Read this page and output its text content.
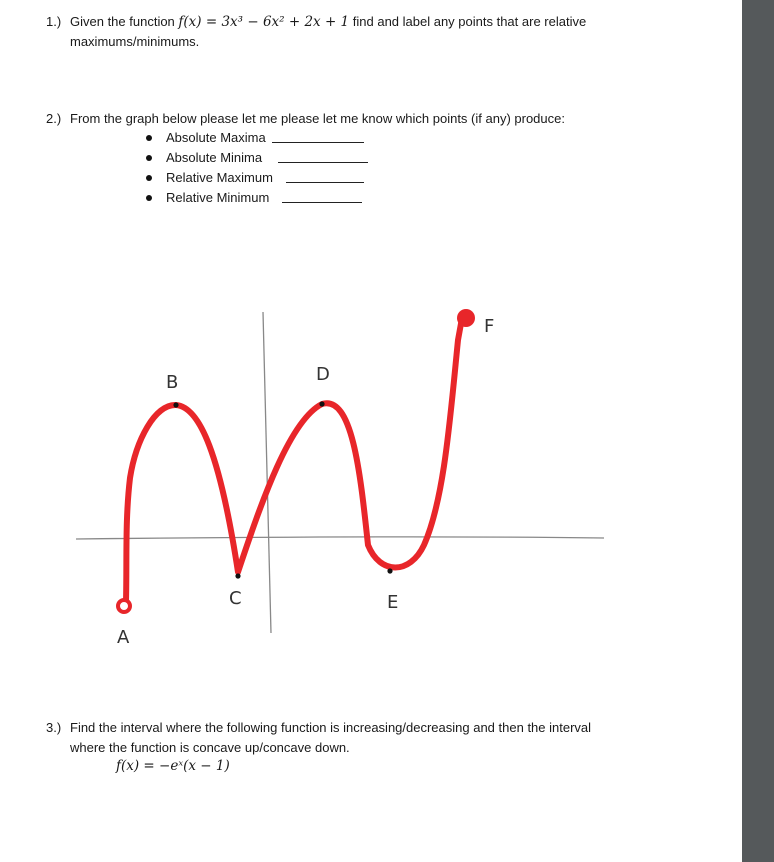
1.) Given the function f(x) = 3x³ − 6x² + 2x + 1 find and label any points that are relative
maximums/minimums.
2.) From the graph below please let me please let me know which points (if any) produce:
Absolute Maxima
Absolute Minima
Relative Maximum
Relative Minimum
A
B
C
D
E
F
3.) Find the interval where the following function is increasing/decreasing and then the interval
where the function is concave up/concave down.
f(x) = −eˣ(x − 1)
